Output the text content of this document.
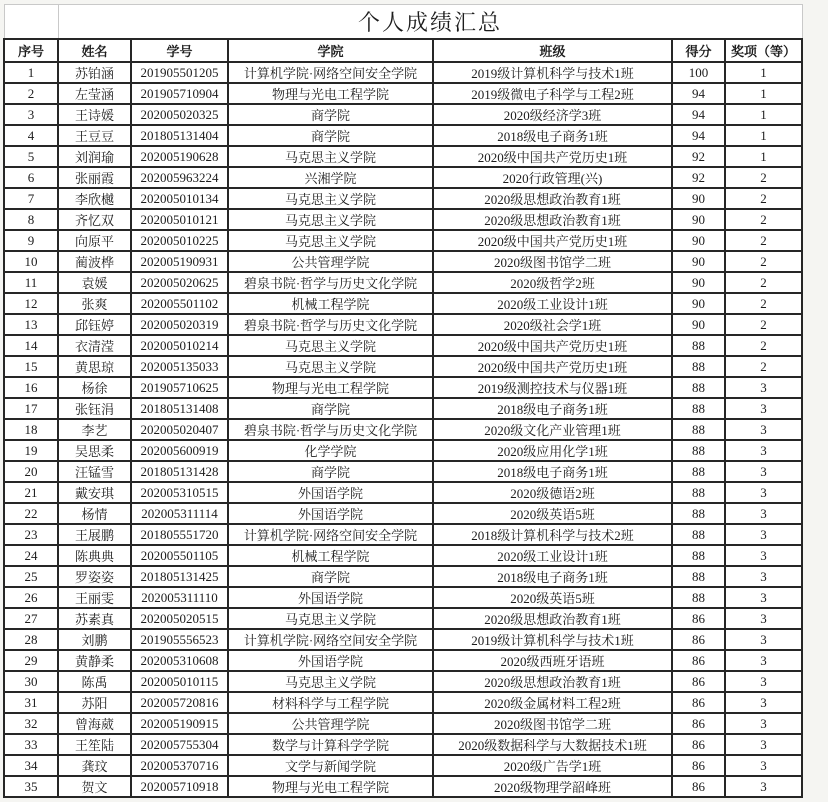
	个人成绩汇总					
序号	姓名	学号	学院	班级	得分	奖项（等）
1	苏铂涵	201905501205	计算机学院·网络空间安全学院	2019级计算机科学与技术1班	100	1
2	左莹涵	201905710904	物理与光电工程学院	2019级微电子科学与工程2班	94	1
3	王诗媛	202005020325	商学院	2020级经济学3班	94	1
4	王豆豆	201805131404	商学院	2018级电子商务1班	94	1
5	刘润瑜	202005190628	马克思主义学院	2020级中国共产党历史1班	92	1
6	张丽霞	202005963224	兴湘学院	2020行政管理(兴)	92	2
7	李欣樾	202005010134	马克思主义学院	2020级思想政治教育1班	90	2
8	齐忆双	202005010121	马克思主义学院	2020级思想政治教育1班	90	2
9	向原平	202005010225	马克思主义学院	2020级中国共产党历史1班	90	2
10	蔺波桦	202005190931	公共管理学院	2020级图书馆学二班	90	2
11	袁媛	202005020625	碧泉书院·哲学与历史文化学院	2020级哲学2班	90	2
12	张爽	202005501102	机械工程学院	2020级工业设计1班	90	2
13	邱钰婷	202005020319	碧泉书院·哲学与历史文化学院	2020级社会学1班	90	2
14	衣清滢	202005010214	马克思主义学院	2020级中国共产党历史1班	88	2
15	黄思琼	202005135033	马克思主义学院	2020级中国共产党历史1班	88	2
16	杨徐	201905710625	物理与光电工程学院	2019级测控技术与仪器1班	88	3
17	张钰涓	201805131408	商学院	2018级电子商务1班	88	3
18	李艺	202005020407	碧泉书院·哲学与历史文化学院	2020级文化产业管理1班	88	3
19	吴思柔	202005600919	化学学院	2020级应用化学1班	88	3
20	汪锰雪	201805131428	商学院	2018级电子商务1班	88	3
21	戴安琪	202005310515	外国语学院	2020级德语2班	88	3
22	杨情	202005311114	外国语学院	2020级英语5班	88	3
23	王展鹏	201805551720	计算机学院·网络空间安全学院	2018级计算机科学与技术2班	88	3
24	陈典典	202005501105	机械工程学院	2020级工业设计1班	88	3
25	罗姿姿	201805131425	商学院	2018级电子商务1班	88	3
26	王丽雯	202005311110	外国语学院	2020级英语5班	88	3
27	苏素真	202005020515	马克思主义学院	2020级思想政治教育1班	86	3
28	刘鹏	201905556523	计算机学院·网络空间安全学院	2019级计算机科学与技术1班	86	3
29	黄静柔	202005310608	外国语学院	2020级西班牙语班	86	3
30	陈禹	202005010115	马克思主义学院	2020级思想政治教育1班	86	3
31	苏阳	202005720816	材料科学与工程学院	2020级金属材料工程2班	86	3
32	曾海葳	202005190915	公共管理学院	2020级图书馆学二班	86	3
33	王笙陆	202005755304	数学与计算科学学院	2020级数据科学与大数据技术1班	86	3
34	龚玟	202005370716	文学与新闻学院	2020级广告学1班	86	3
35	贺文	202005710918	物理与光电工程学院	2020级物理学韶峰班	86	3
